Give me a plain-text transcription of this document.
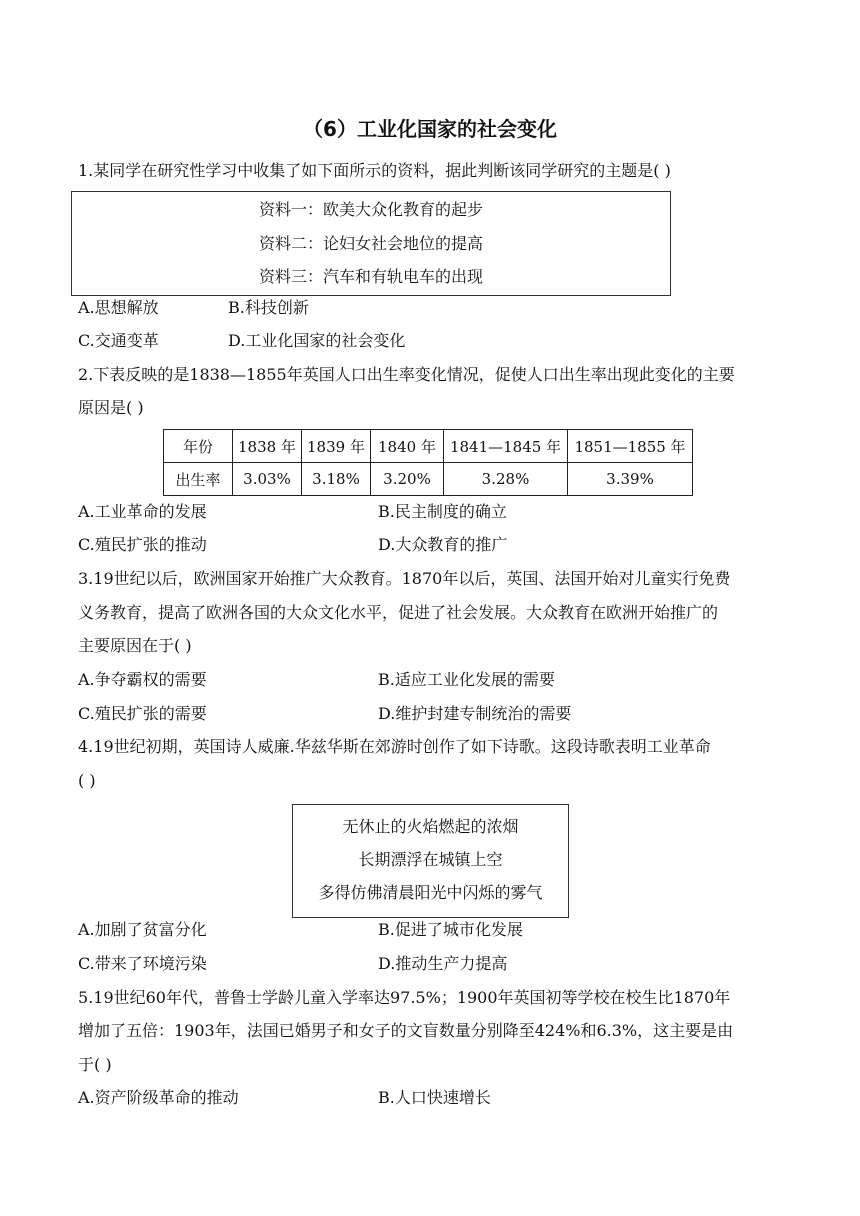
（6）工业化国家的社会变化
1.某同学在研究性学习中收集了如下面所示的资料，据此判断该同学研究的主题是( )
资料一：欧美大众化教育的起步
资料二：论妇女社会地位的提高
资料三：汽车和有轨电车的出现
A.思想解放	B.科技创新
C.交通变革	D.工业化国家的社会变化
2.下表反映的是1838—1855年英国人口出生率变化情况，促使人口出生率出现此变化的主要
原因是( )
年份	1838 年	1839 年	1840 年	1841—1845 年	1851—1855 年
出生率	3.03%	3.18%	3.20%	3.28%	3.39%
A.工业革命的发展	B.民主制度的确立
C.殖民扩张的推动	D.大众教育的推广
3.19世纪以后，欧洲国家开始推广大众教育。1870年以后，英国、法国开始对儿童实行免费
义务教育，提高了欧洲各国的大众文化水平，促进了社会发展。大众教育在欧洲开始推广的
主要原因在于( )
A.争夺霸权的需要	B.适应工业化发展的需要
C.殖民扩张的需要	D.维护封建专制统治的需要
4.19世纪初期，英国诗人威廉.华兹华斯在郊游时创作了如下诗歌。这段诗歌表明工业革命
( )
无休止的火焰燃起的浓烟
长期漂浮在城镇上空
多得仿佛清晨阳光中闪烁的雾气
A.加剧了贫富分化	B.促进了城市化发展
C.带来了环境污染	D.推动生产力提高
5.19世纪60年代，普鲁士学龄儿童入学率达97.5%；1900年英国初等学校在校生比1870年
增加了五倍：1903年，法国已婚男子和女子的文盲数量分别降至424%和6.3%，这主要是由
于( )
A.资产阶级革命的推动	B.人口快速增长
